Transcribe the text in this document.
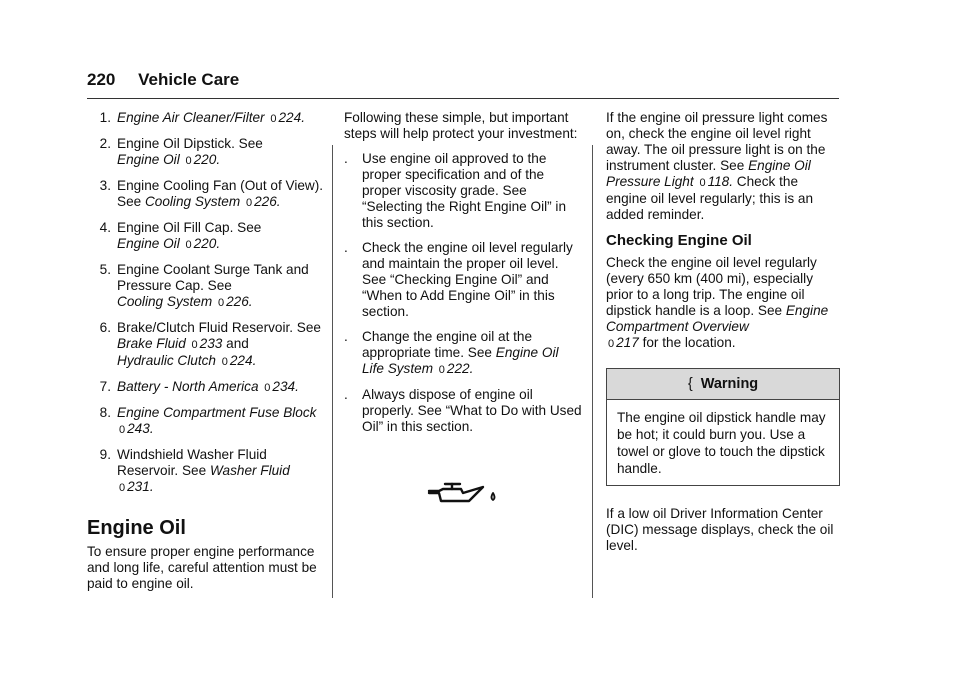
220 Vehicle Care
1. Engine Air Cleaner/Filter 0 224.
2. Engine Oil Dipstick. See
Engine Oil 0 220.
3. Engine Cooling Fan (Out of View). See Cooling System 0 226.
4. Engine Oil Fill Cap. See
Engine Oil 0 220.
5. Engine Coolant Surge Tank and Pressure Cap. See
Cooling System 0 226.
6. Brake/Clutch Fluid Reservoir. See Brake Fluid 0 233 and
Hydraulic Clutch 0 224.
7. Battery - North America 0 234.
8. Engine Compartment Fuse Block 0 243.
9. Windshield Washer Fluid Reservoir. See Washer Fluid 0 231.
Engine Oil

To ensure proper engine performance and long life, careful attention must be paid to engine oil.

Following these simple, but important steps will help protect your investment:

.	Use engine oil approved to the proper specification and of the proper viscosity grade. See “Selecting the Right Engine Oil” in this section.
.	Check the engine oil level regularly and maintain the proper oil level. See “Checking Engine Oil” and “When to Add Engine Oil” in this section.
.	Change the engine oil at the appropriate time. See Engine Oil Life System 0 222.
.	Always dispose of engine oil properly. See “What to Do with Used Oil” in this section.

If the engine oil pressure light comes on, check the engine oil level right away. The oil pressure light is on the instrument cluster. See Engine Oil Pressure Light 0 118. Check the engine oil level regularly; this is an added reminder.

Checking Engine Oil

Check the engine oil level regularly (every 650 km (400 mi), especially prior to a long trip. The engine oil dipstick handle is a loop. See Engine Compartment Overview
0 217 for the location.

{ Warning
The engine oil dipstick handle may be hot; it could burn you. Use a towel or glove to touch the dipstick handle.

If a low oil Driver Information Center (DIC) message displays, check the oil level.
